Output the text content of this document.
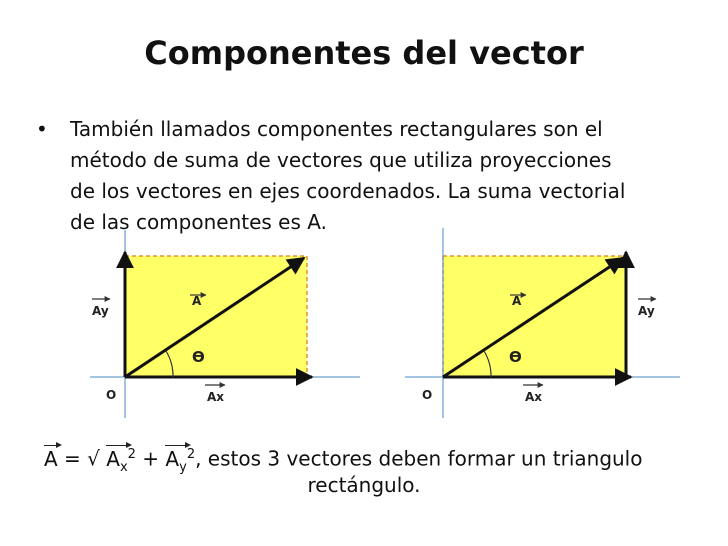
Componentes del vector
• También llamados componentes rectangulares son el
método de suma de vectores que utiliza proyecciones
de los vectores en ejes coordenados. La suma vectorial
de las componentes es A.
A
Ay
Ax
O
ϴ
A
Ay
Ax
O
ϴ
A = √ $A_x^2 + A_y^2$, estos 3 vectores deben formar un triangulo
rectángulo.
